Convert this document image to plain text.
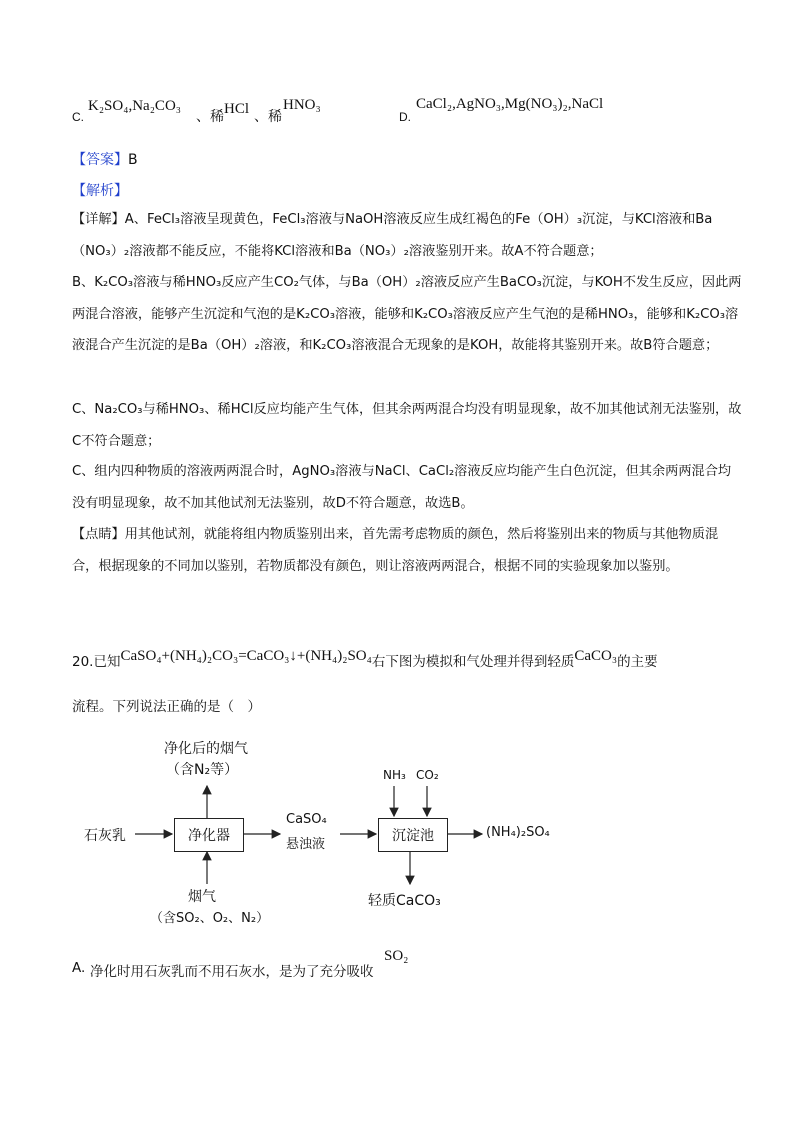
C.
K₂SO₄,Na₂CO₃
、稀 HCl 、稀
HNO₃
D.
CaCl₂,AgNO₃,Mg(NO₃)₂,NaCl
【答案】B
【解析】

【详解】A、FeCl₃溶液呈现黄色，FeCl₃溶液与NaOH溶液反应生成红褐色的Fe（OH）₃沉淀，与KCl溶液和Ba（NO₃）₂溶液都不能反应，不能将KCl溶液和Ba（NO₃）₂溶液鉴别开来。故A不符合题意；

B、K₂CO₃溶液与稀HNO₃反应产生CO₂气体，与Ba（OH）₂溶液反应产生BaCO₃沉淀，与KOH不发生反应，因此两两混合溶液，能够产生沉淀和气泡的是K₂CO₃溶液，能够和K₂CO₃溶液反应产生气泡的是稀HNO₃，能够和K₂CO₃溶液混合产生沉淀的是Ba（OH）₂溶液，和K₂CO₃溶液混合无现象的是KOH，故能将其鉴别开来。故B符合题意；

C、Na₂CO₃与稀HNO₃、稀HCl反应均能产生气体，但其余两两混合均没有明显现象，故不加其他试剂无法鉴别，故C不符合题意；

C、组内四种物质的溶液两两混合时，AgNO₃溶液与NaCl、CaCl₂溶液反应均能产生白色沉淀，但其余两两混合均没有明显现象，故不加其他试剂无法鉴别，故D不符合题意，故选B。

【点睛】用其他试剂，就能将组内物质鉴别出来，首先需考虑物质的颜色，然后将鉴别出来的物质与其他物质混合，根据现象的不同加以鉴别，若物质都没有颜色，则让溶液两两混合，根据不同的实验现象加以鉴别。

20.已知CaSO₄+(NH₄)₂CO₃=CaCO₃↓+(NH₄)₂SO₄右下图为模拟和气处理并得到轻质CaCO₃的主要
流程。下列说法正确的是（　）
净化后的烟气
（含N₂等）
石灰乳	净化器
CaSO₄
悬浊液
NH₃ CO₂
沉淀池	(NH₄)₂SO₄
烟气
（含SO₂、O₂、N₂）
轻质CaCO₃
A. 净化时用石灰乳而不用石灰水，是为了充分吸收
SO₂
